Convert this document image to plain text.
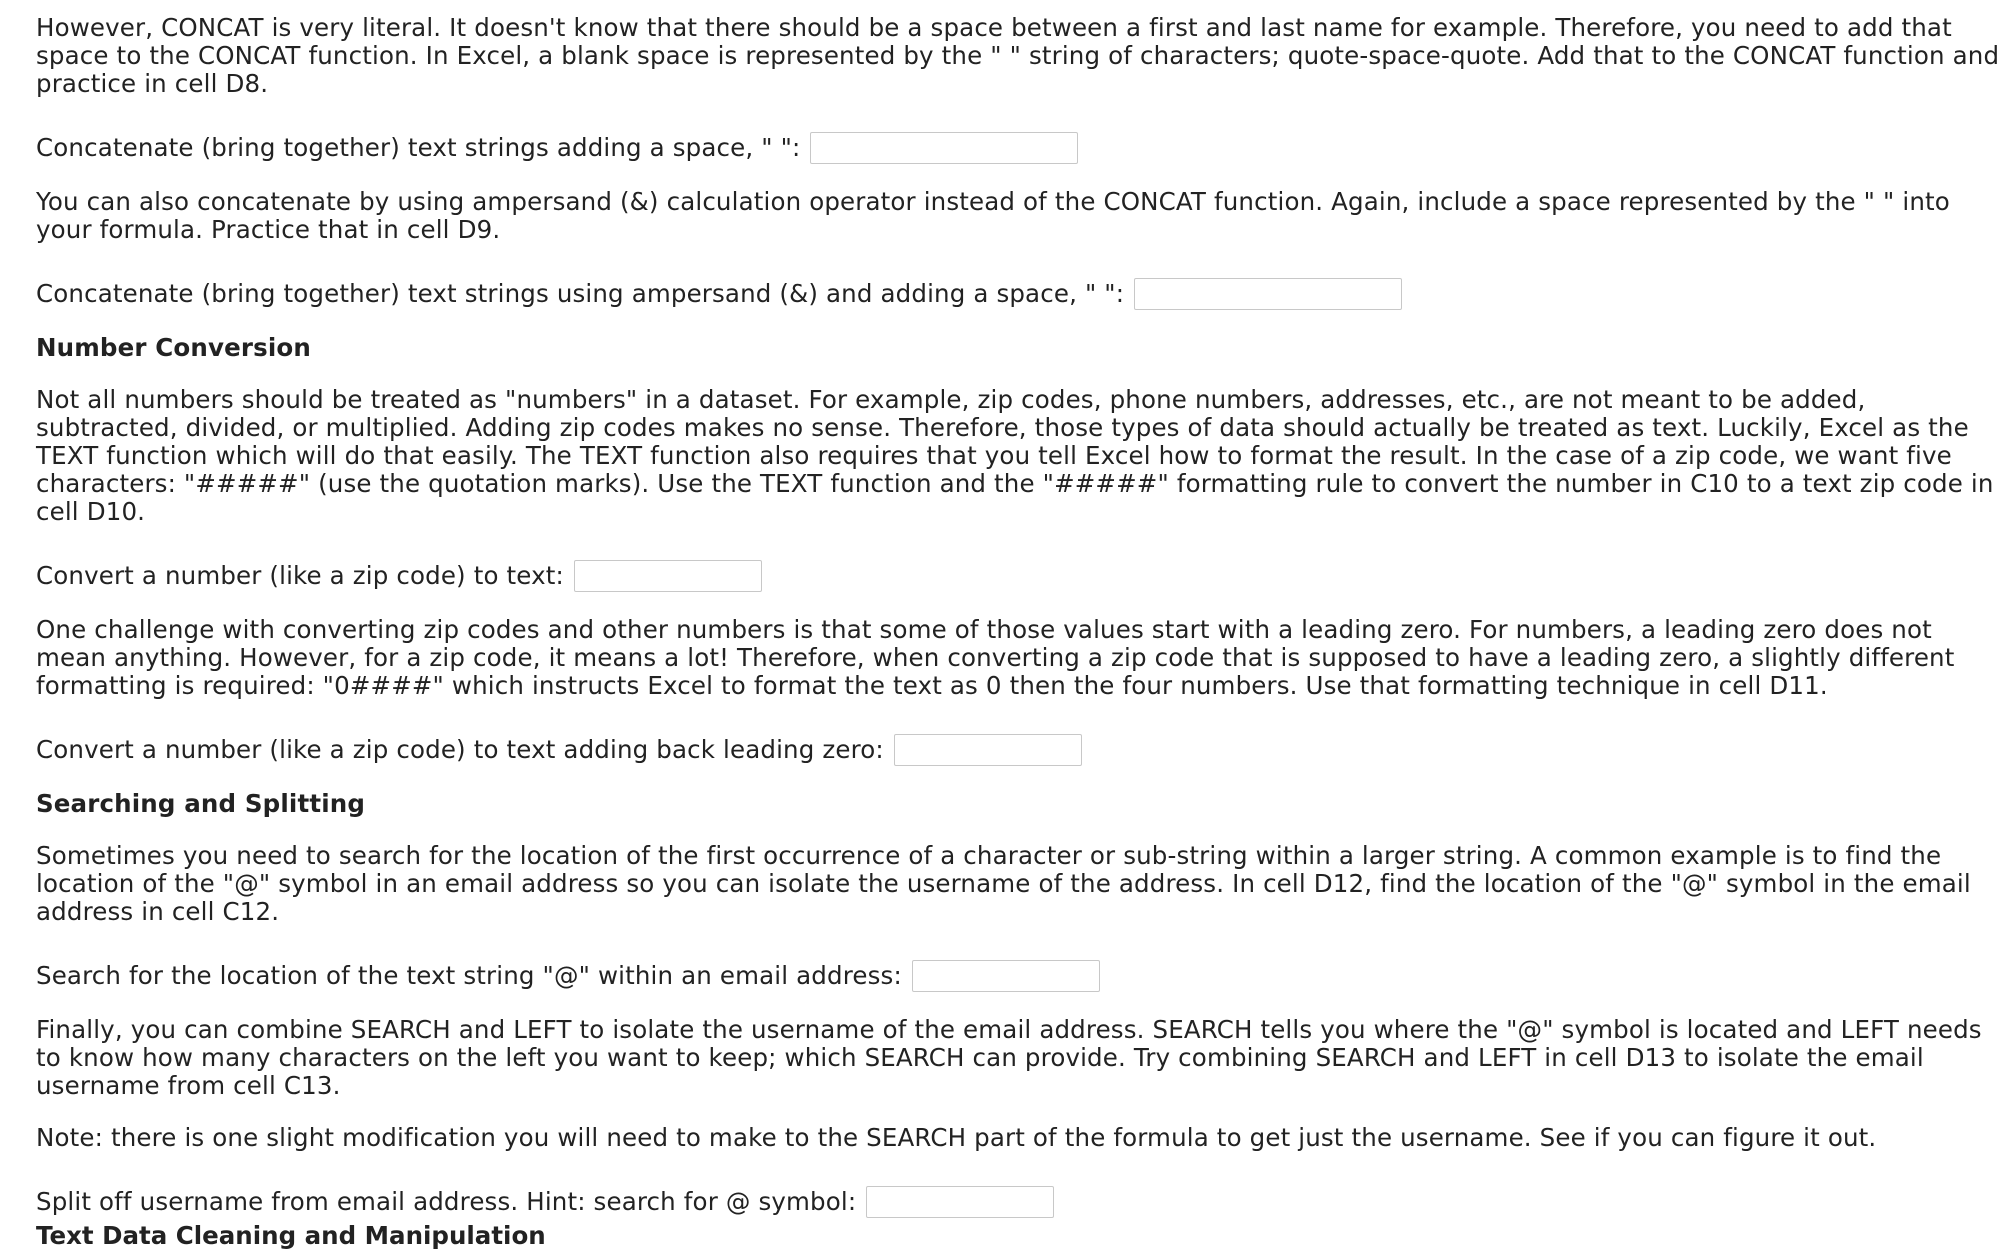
However, CONCAT is very literal. It doesn't know that there should be a space between a first and last name for example. Therefore, you need to add that space to the CONCAT function. In Excel, a blank space is represented by the " " string of characters; quote-space-quote. Add that to the CONCAT function and practice in cell D8.

Concatenate (bring together) text strings adding a space, " ":

You can also concatenate by using ampersand (&) calculation operator instead of the CONCAT function. Again, include a space represented by the " " into your formula. Practice that in cell D9.

Concatenate (bring together) text strings using ampersand (&) and adding a space, " ":
Number Conversion

Not all numbers should be treated as "numbers" in a dataset. For example, zip codes, phone numbers, addresses, etc., are not meant to be added, subtracted, divided, or multiplied. Adding zip codes makes no sense. Therefore, those types of data should actually be treated as text. Luckily, Excel as the TEXT function which will do that easily. The TEXT function also requires that you tell Excel how to format the result. In the case of a zip code, we want five characters: "#####" (use the quotation marks). Use the TEXT function and the "#####" formatting rule to convert the number in C10 to a text zip code in cell D10.

Convert a number (like a zip code) to text:

One challenge with converting zip codes and other numbers is that some of those values start with a leading zero. For numbers, a leading zero does not mean anything. However, for a zip code, it means a lot! Therefore, when converting a zip code that is supposed to have a leading zero, a slightly different formatting is required: "0####" which instructs Excel to format the text as 0 then the four numbers. Use that formatting technique in cell D11.

Convert a number (like a zip code) to text adding back leading zero:
Searching and Splitting

Sometimes you need to search for the location of the first occurrence of a character or sub-string within a larger string. A common example is to find the location of the "@" symbol in an email address so you can isolate the username of the address. In cell D12, find the location of the "@" symbol in the email address in cell C12.

Search for the location of the text string "@" within an email address:

Finally, you can combine SEARCH and LEFT to isolate the username of the email address. SEARCH tells you where the "@" symbol is located and LEFT needs to know how many characters on the left you want to keep; which SEARCH can provide. Try combining SEARCH and LEFT in cell D13 to isolate the email username from cell C13.

Note: there is one slight modification you will need to make to the SEARCH part of the formula to get just the username. See if you can figure it out.

Split off username from email address. Hint: search for @ symbol:
Text Data Cleaning and Manipulation
